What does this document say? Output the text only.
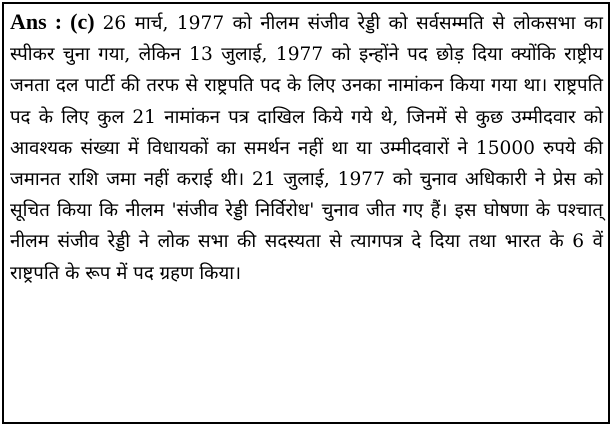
Ans : (c) 26 मार्च, 1977 को नीलम संजीव रेड्डी को सर्वसम्मति से लोकसभा का स्पीकर चुना गया, लेकिन 13 जुलाई, 1977 को इन्होंने पद छोड़ दिया क्योंकि राष्ट्रीय जनता दल पार्टी की तरफ से राष्ट्रपति पद के लिए उनका नामांकन किया गया था। राष्ट्रपति पद के लिए कुल 21 नामांकन पत्र दाखिल किये गये थे, जिनमें से कुछ उम्मीदवार को आवश्यक संख्या में विधायकों का समर्थन नहीं था या उम्मीदवारों ने 15000 रुपये की जमानत राशि जमा नहीं कराई थी। 21 जुलाई, 1977 को चुनाव अधिकारी ने प्रेस को सूचित किया कि नीलम 'संजीव रेड्डी निर्विरोध' चुनाव जीत गए हैं। इस घोषणा के पश्चात् नीलम संजीव रेड्डी ने लोक सभा की सदस्यता से त्यागपत्र दे दिया तथा भारत के 6 वें राष्ट्रपति के रूप में पद ग्रहण किया।
